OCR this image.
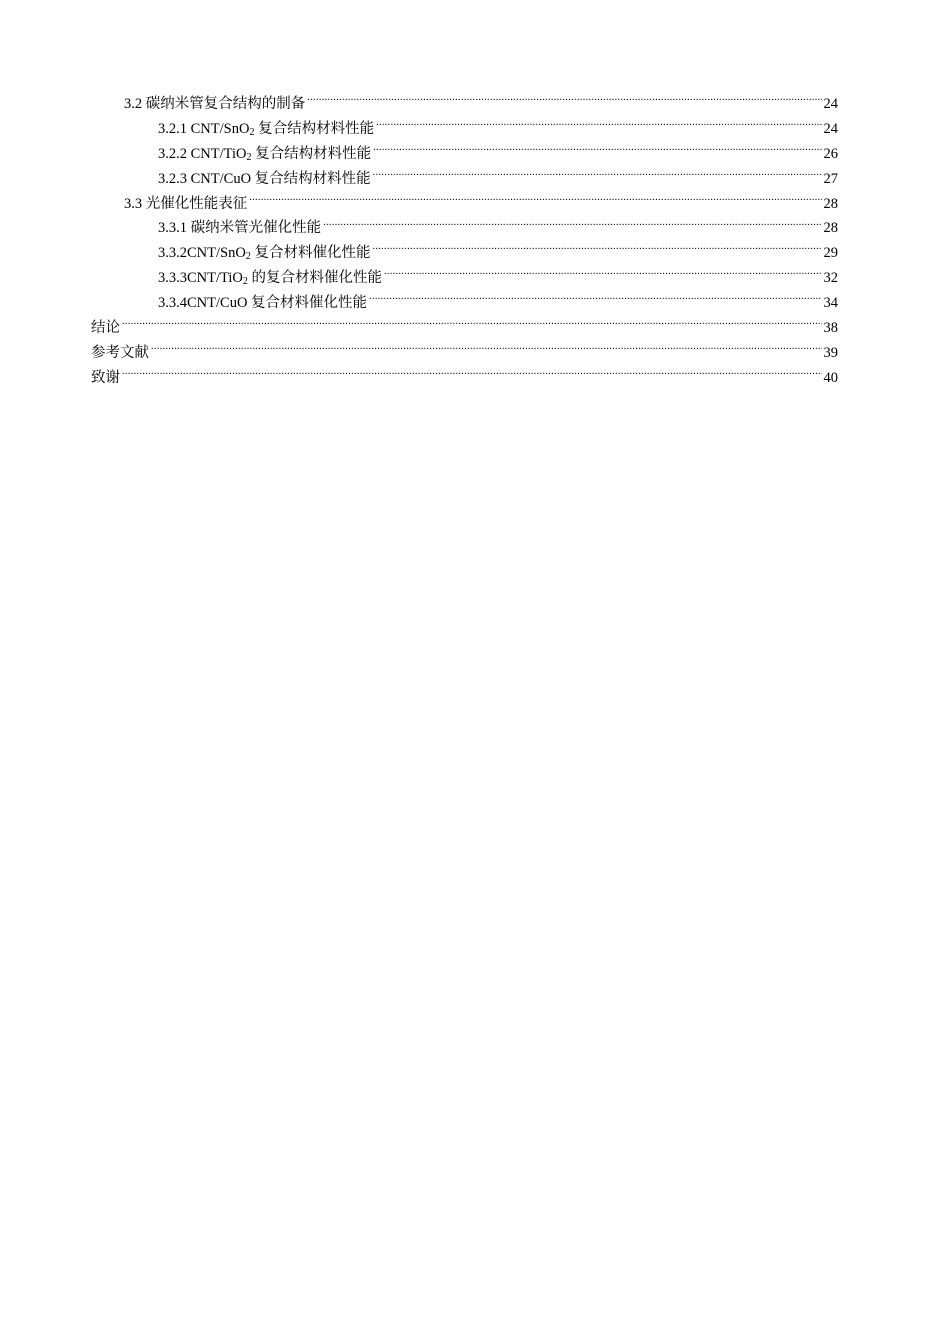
3.2 碳纳米管复合结构的制备 .....	24
3.2.1 CNT/SnO$_2$ 复合结构材料性能 .....	24
3.2.2 CNT/TiO$_2$ 复合结构材料性能 .....	26
3.2.3 CNT/CuO 复合结构材料性能 .....	27
3.3 光催化性能表征 .....	28
3.3.1 碳纳米管光催化性能 .....	28
3.3.2CNT/SnO$_2$ 复合材料催化性能 .....	29
3.3.3CNT/TiO$_2$ 的复合材料催化性能 .....	32
3.3.4CNT/CuO 复合材料催化性能 .....	34
结论 .....	38
参考文献 .....	39
致谢 .....	40
